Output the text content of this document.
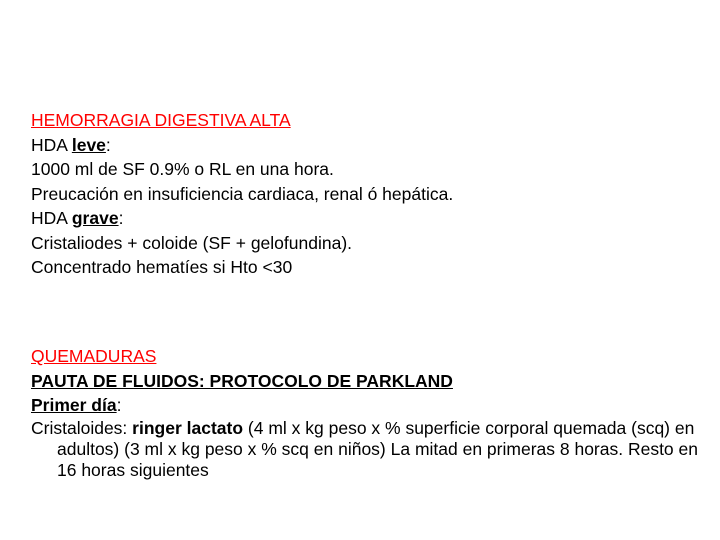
HEMORRAGIA DIGESTIVA ALTA
HDA leve:
1000 ml de SF 0.9% o RL en una hora.
Preucación en insuficiencia cardiaca, renal ó hepática.
HDA grave:
Cristaliodes + coloide (SF + gelofundina).
Concentrado hematíes si Hto <30
QUEMADURAS
PAUTA DE FLUIDOS: PROTOCOLO DE PARKLAND
Primer día:
Cristaloides: ringer lactato (4 ml x kg peso x % superficie corporal quemada (scq) en adultos) (3 ml x kg peso x % scq en niños) La mitad en primeras 8 horas. Resto en 16 horas siguientes
